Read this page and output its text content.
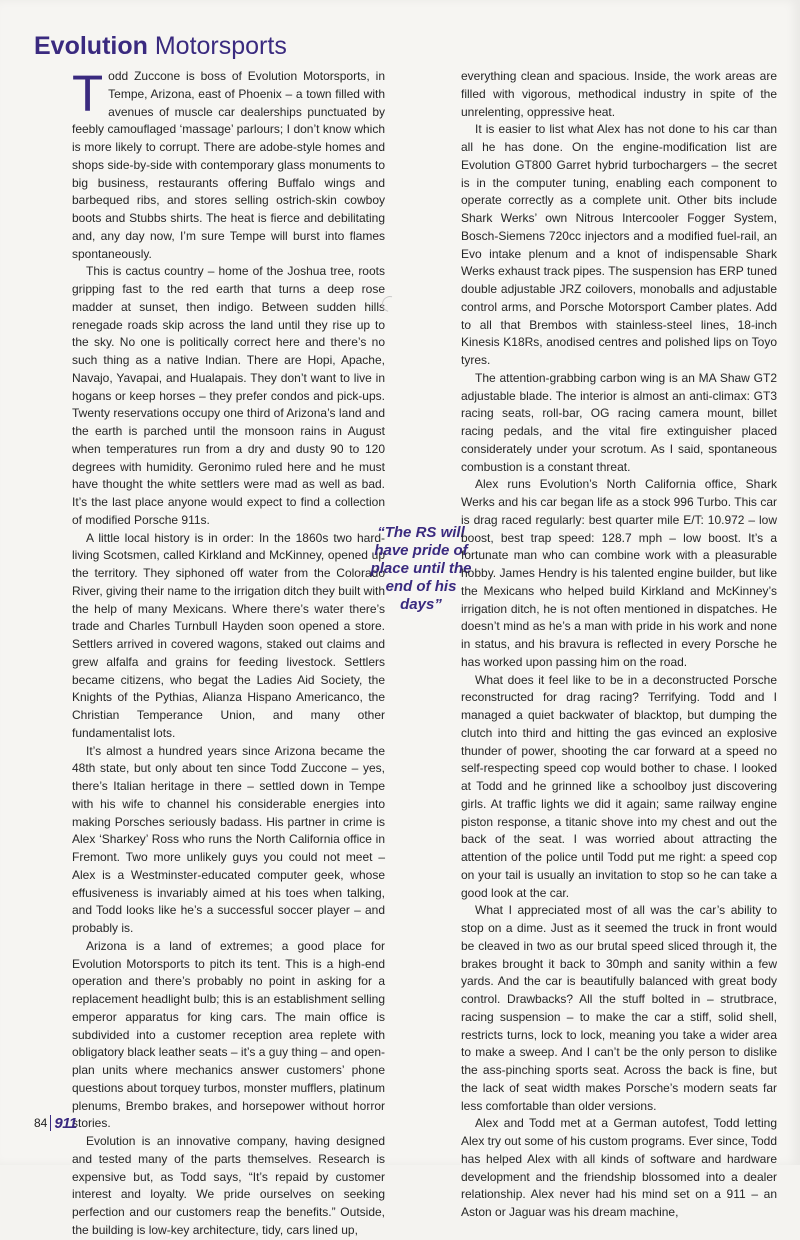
Evolution Motorsports

Todd Zuccone is boss of Evolution Motorsports, in Tempe, Arizona, east of Phoenix – a town filled with avenues of muscle car dealerships punctuated by feebly camouflaged ‘massage’ parlours; I don’t know which is more likely to corrupt. There are adobe-style homes and shops side-by-side with contemporary glass monuments to big business, restaurants offering Buffalo wings and barbequed ribs, and stores selling ostrich-skin cowboy boots and Stubbs shirts. The heat is fierce and debilitating and, any day now, I’m sure Tempe will burst into flames spontaneously.

This is cactus country – home of the Joshua tree, roots gripping fast to the red earth that turns a deep rose madder at sunset, then indigo. Between sudden hills renegade roads skip across the land until they rise up to the sky. No one is politically correct here and there’s no such thing as a native Indian. There are Hopi, Apache, Navajo, Yavapai, and Hualapais. They don’t want to live in hogans or keep horses – they prefer condos and pick-ups. Twenty reservations occupy one third of Arizona’s land and the earth is parched until the monsoon rains in August when temperatures run from a dry and dusty 90 to 120 degrees with humidity. Geronimo ruled here and he must have thought the white settlers were mad as well as bad. It’s the last place anyone would expect to find a collection of modified Porsche 911s.

A little local history is in order: In the 1860s two hard-living Scotsmen, called Kirkland and McKinney, opened up the territory. They siphoned off water from the Colorado River, giving their name to the irrigation ditch they built with the help of many Mexicans. Where there’s water there’s trade and Charles Turnbull Hayden soon opened a store. Settlers arrived in covered wagons, staked out claims and grew alfalfa and grains for feeding livestock. Settlers became citizens, who begat the Ladies Aid Society, the Knights of the Pythias, Alianza Hispano Americanco, the Christian Temperance Union, and many other fundamentalist lots.

It’s almost a hundred years since Arizona became the 48th state, but only about ten since Todd Zuccone – yes, there’s Italian heritage in there – settled down in Tempe with his wife to channel his considerable energies into making Porsches seriously badass. His partner in crime is Alex ‘Sharkey’ Ross who runs the North California office in Fremont. Two more unlikely guys you could not meet – Alex is a Westminster-educated computer geek, whose effusiveness is invariably aimed at his toes when talking, and Todd looks like he’s a successful soccer player – and probably is.

Arizona is a land of extremes; a good place for Evolution Motorsports to pitch its tent. This is a high-end operation and there’s probably no point in asking for a replacement headlight bulb; this is an establishment selling emperor apparatus for king cars. The main office is subdivided into a customer reception area replete with obligatory black leather seats – it’s a guy thing – and open-plan units where mechanics answer customers’ phone questions about torquey turbos, monster mufflers, platinum plenums, Brembo brakes, and horsepower without horror stories.

Evolution is an innovative company, having designed and tested many of the parts themselves. Research is expensive but, as Todd says, “It’s repaid by customer interest and loyalty. We pride ourselves on seeking perfection and our customers reap the benefits.” Outside, the building is low-key architecture, tidy, cars lined up,

“The RS will have pride of place until the end of his days”

everything clean and spacious. Inside, the work areas are filled with vigorous, methodical industry in spite of the unrelenting, oppressive heat.

It is easier to list what Alex has not done to his car than all he has done. On the engine-modification list are Evolution GT800 Garret hybrid turbochargers – the secret is in the computer tuning, enabling each component to operate correctly as a complete unit. Other bits include Shark Werks’ own Nitrous Intercooler Fogger System, Bosch-Siemens 720cc injectors and a modified fuel-rail, an Evo intake plenum and a knot of indispensable Shark Werks exhaust track pipes. The suspension has ERP tuned double adjustable JRZ coilovers, monoballs and adjustable control arms, and Porsche Motorsport Camber plates. Add to all that Brembos with stainless-steel lines, 18-inch Kinesis K18Rs, anodised centres and polished lips on Toyo tyres.

The attention-grabbing carbon wing is an MA Shaw GT2 adjustable blade. The interior is almost an anti-climax: GT3 racing seats, roll-bar, OG racing camera mount, billet racing pedals, and the vital fire extinguisher placed considerately under your scrotum. As I said, spontaneous combustion is a constant threat.

Alex runs Evolution’s North California office, Shark Werks and his car began life as a stock 996 Turbo. This car is drag raced regularly: best quarter mile E/T: 10.972 – low boost, best trap speed: 128.7 mph – low boost. It’s a fortunate man who can combine work with a pleasurable hobby. James Hendry is his talented engine builder, but like the Mexicans who helped build Kirkland and McKinney’s irrigation ditch, he is not often mentioned in dispatches. He doesn’t mind as he’s a man with pride in his work and none in status, and his bravura is reflected in every Porsche he has worked upon passing him on the road.

What does it feel like to be in a deconstructed Porsche reconstructed for drag racing? Terrifying. Todd and I managed a quiet backwater of blacktop, but dumping the clutch into third and hitting the gas evinced an explosive thunder of power, shooting the car forward at a speed no self-respecting speed cop would bother to chase. I looked at Todd and he grinned like a schoolboy just discovering girls. At traffic lights we did it again; same railway engine piston response, a titanic shove into my chest and out the back of the seat. I was worried about attracting the attention of the police until Todd put me right: a speed cop on your tail is usually an invitation to stop so he can take a good look at the car.

What I appreciated most of all was the car’s ability to stop on a dime. Just as it seemed the truck in front would be cleaved in two as our brutal speed sliced through it, the brakes brought it back to 30mph and sanity within a few yards. And the car is beautifully balanced with great body control. Drawbacks? All the stuff bolted in – strutbrace, racing suspension – to make the car a stiff, solid shell, restricts turns, lock to lock, meaning you take a wider area to make a sweep. And I can’t be the only person to dislike the ass-pinching sports seat. Across the back is fine, but the lack of seat width makes Porsche’s modern seats far less comfortable than older versions.

Alex and Todd met at a German autofest, Todd letting Alex try out some of his custom programs. Ever since, Todd has helped Alex with all kinds of software and hardware development and the friendship blossomed into a dealer relationship. Alex never had his mind set on a 911 – an Aston or Jaguar was his dream machine,

84 911
